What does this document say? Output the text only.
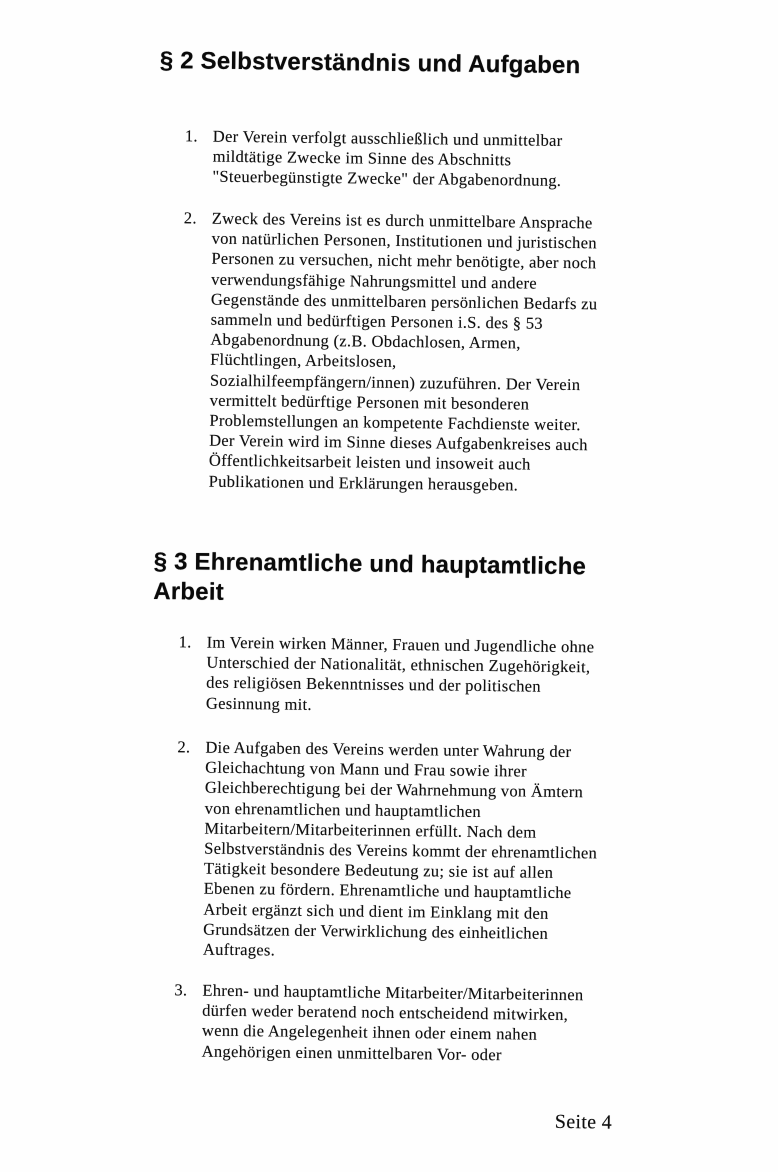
§ 2 Selbstverständnis und Aufgaben
1. Der Verein verfolgt ausschließlich und unmittelbar
mildtätige Zwecke im Sinne des Abschnitts
"Steuerbegünstigte Zwecke" der Abgabenordnung.
2. Zweck des Vereins ist es durch unmittelbare Ansprache
von natürlichen Personen, Institutionen und juristischen
Personen zu versuchen, nicht mehr benötigte, aber noch
verwendungsfähige Nahrungsmittel und andere
Gegenstände des unmittelbaren persönlichen Bedarfs zu
sammeln und bedürftigen Personen i.S. des § 53
Abgabenordnung (z.B. Obdachlosen, Armen,
Flüchtlingen, Arbeitslosen,
Sozialhilfeempfängern/innen) zuzuführen. Der Verein
vermittelt bedürftige Personen mit besonderen
Problemstellungen an kompetente Fachdienste weiter.
Der Verein wird im Sinne dieses Aufgabenkreises auch
Öffentlichkeitsarbeit leisten und insoweit auch
Publikationen und Erklärungen herausgeben.
§ 3 Ehrenamtliche und hauptamtliche
Arbeit
1. Im Verein wirken Männer, Frauen und Jugendliche ohne
Unterschied der Nationalität, ethnischen Zugehörigkeit,
des religiösen Bekenntnisses und der politischen
Gesinnung mit.
2. Die Aufgaben des Vereins werden unter Wahrung der
Gleichachtung von Mann und Frau sowie ihrer
Gleichberechtigung bei der Wahrnehmung von Ämtern
von ehrenamtlichen und hauptamtlichen
Mitarbeitern/Mitarbeiterinnen erfüllt. Nach dem
Selbstverständnis des Vereins kommt der ehrenamtlichen
Tätigkeit besondere Bedeutung zu; sie ist auf allen
Ebenen zu fördern. Ehrenamtliche und hauptamtliche
Arbeit ergänzt sich und dient im Einklang mit den
Grundsätzen der Verwirklichung des einheitlichen
Auftrages.
3. Ehren- und hauptamtliche Mitarbeiter/Mitarbeiterinnen
dürfen weder beratend noch entscheidend mitwirken,
wenn die Angelegenheit ihnen oder einem nahen
Angehörigen einen unmittelbaren Vor- oder
Seite 4
